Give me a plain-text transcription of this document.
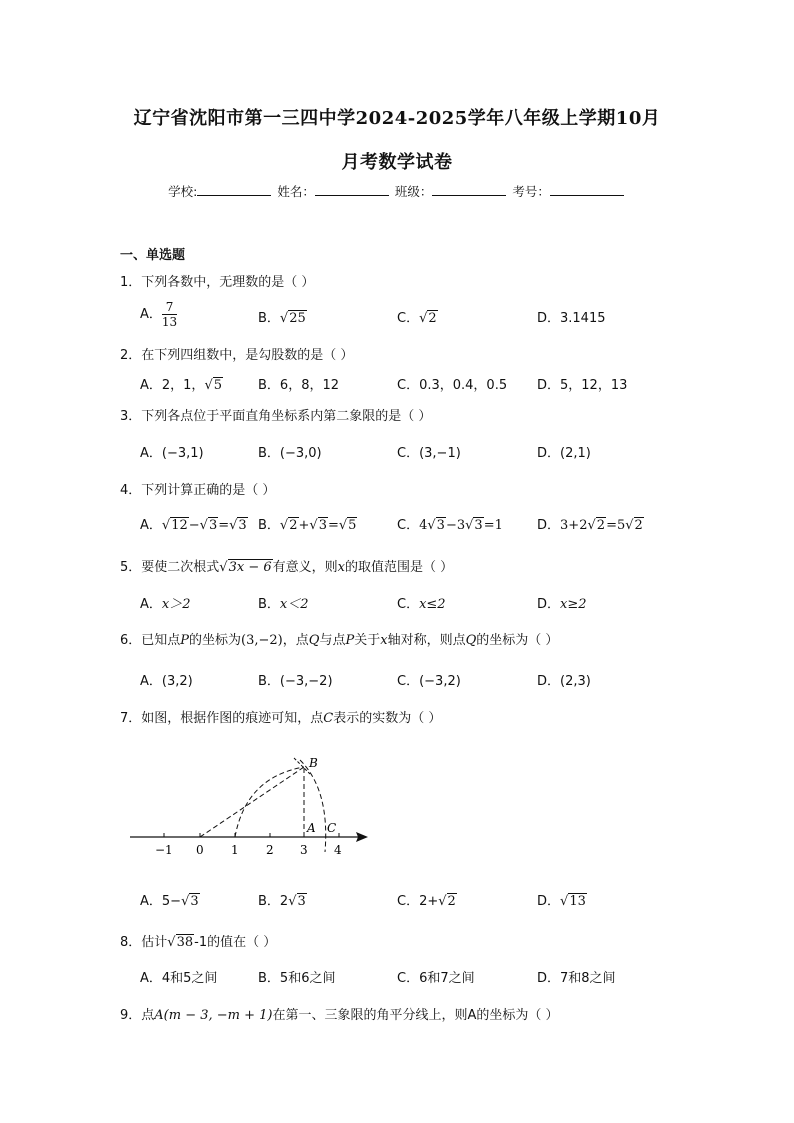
辽宁省沈阳市第一三四中学2024-2025学年八年级上学期10月
月考数学试卷
学校:	姓名：	班级：	考号：
一、单选题
1．下列各数中，无理数的是（ ）
A． $\frac{7}{13}$	B．√25	C．√2	D．3.1415
2．在下列四组数中，是勾股数的是（ ）
A．2，1，√5	B．6，8，12	C．0.3，0.4，0.5 D．5，12，13
3．下列各点位于平面直角坐标系内第二象限的是（ ）
A．(−3,1)	B．(−3,0)	C．(3,−1)	D．(2,1)
4．下列计算正确的是（ ）
A．√12−√3=√3 B．√2+√3=√5	C．4√3−3√3=1	D．3+2√2=5√2
5．要使二次根式√3x − 6有意义，则x的取值范围是（ ）
A．x＞2	B．x＜2	C．x≤2	D．x≥2
6．已知点P的坐标为(3,−2)，点Q与点P关于x轴对称，则点Q的坐标为（ ）
A．(3,2)	B．(−3,−2)	C．(−3,2)	D．(2,3)
7．如图，根据作图的痕迹可知，点C表示的实数为（ ）
−1 0 1 2 3 4
A
B
C
A．5−√3	B．2√3	C．2+√2	D．√13
8．估计√38-1的值在（ ）
A．4和5之间	B．5和6之间	C．6和7之间	D．7和8之间
9．点A(m − 3, −m + 1)在第一、三象限的角平分线上，则A的坐标为（ ）
